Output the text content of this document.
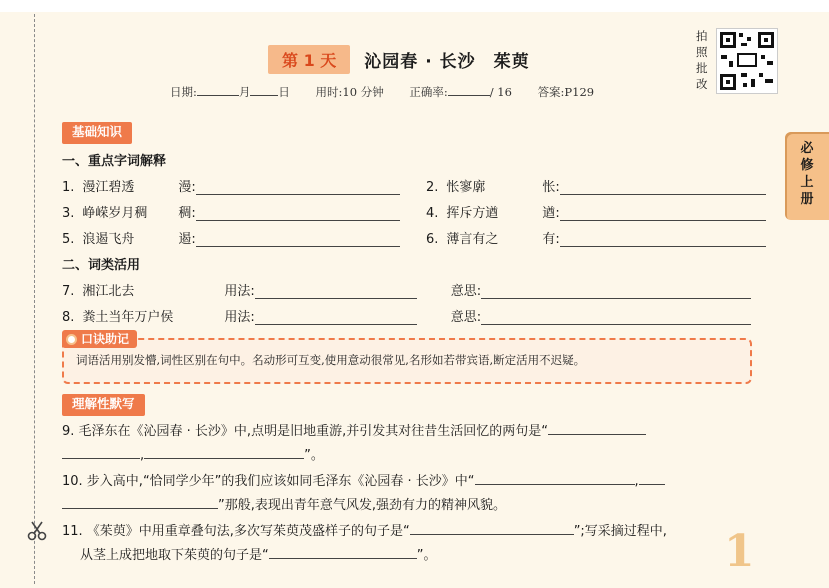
第 1 天	沁园春 · 长沙　茱萸
日期:	月 日 用时:10 分钟 正确率:	/ 16 答案:P129
拍照批改
必修上册
基础知识
一、重点字词解释
1. 漫江碧透	漫:	2. 怅寥廓	怅:
3. 峥嵘岁月稠	稠:	4. 挥斥方遒	遒:
5. 浪遏飞舟	遏:	6. 薄言有之	有:
二、词类活用
7. 湘江北去	用法:	意思:
8. 粪土当年万户侯	用法:	意思:
口诀助记
词语活用别发懵,词性区别在句中。名动形可互变,使用意动很常见,名形如若带宾语,断定活用不迟疑。
理解性默写
9. 毛泽东在《沁园春 · 长沙》中,点明是旧地重游,并引发其对往昔生活回忆的两句是“
,	”。
10. 步入高中,“恰同学少年”的我们应该如同毛泽东《沁园春 · 长沙》中“	,
”那般,表现出青年意气风发,强劲有力的精神风貌。
11. 《茱萸》中用重章叠句法,多次写茱萸茂盛样子的句子是“	”;写采摘过程中,
从茎上成把地取下茱萸的句子是“	”。	1
